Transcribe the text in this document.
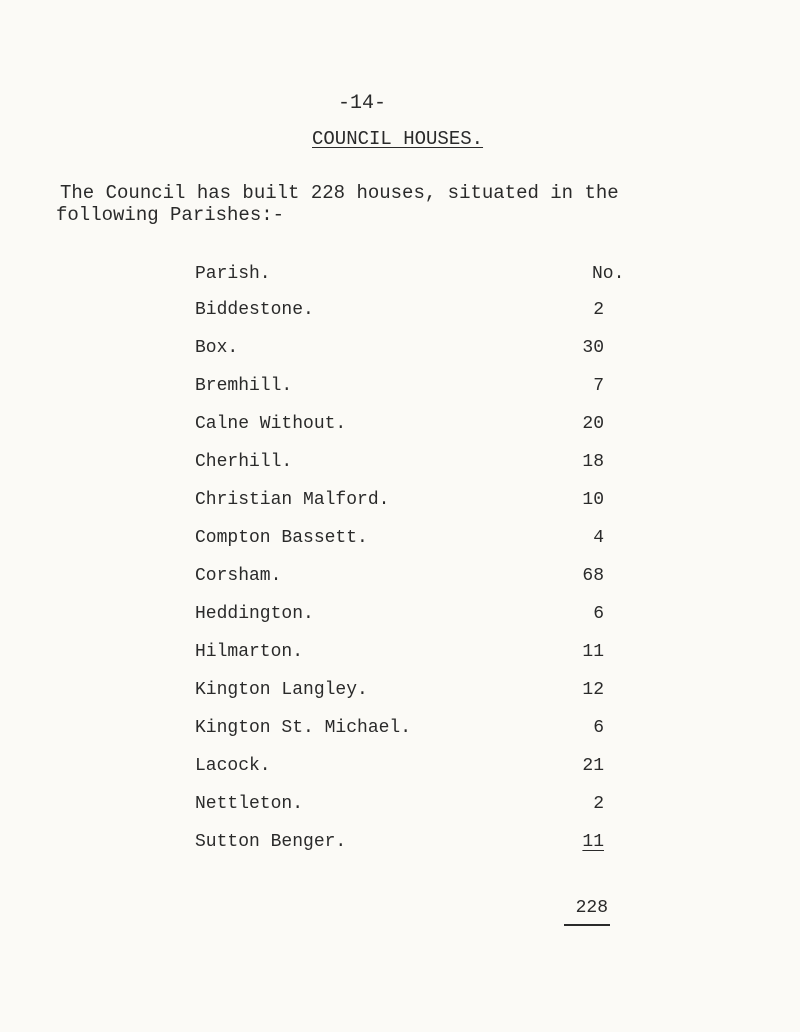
-14-
COUNCIL HOUSES.

The Council has built 228 houses, situated in the

following Parishes:-

Parish.	No.
Biddestone.	2
Box.	30
Bremhill.	7
Calne Without.	20
Cherhill.	18
Christian Malford.	10
Compton Bassett.	4
Corsham.	68
Heddington.	6
Hilmarton.	11
Kington Langley.	12
Kington St. Michael.	6
Lacock.	21
Nettleton.	2
Sutton Benger.	11
228
